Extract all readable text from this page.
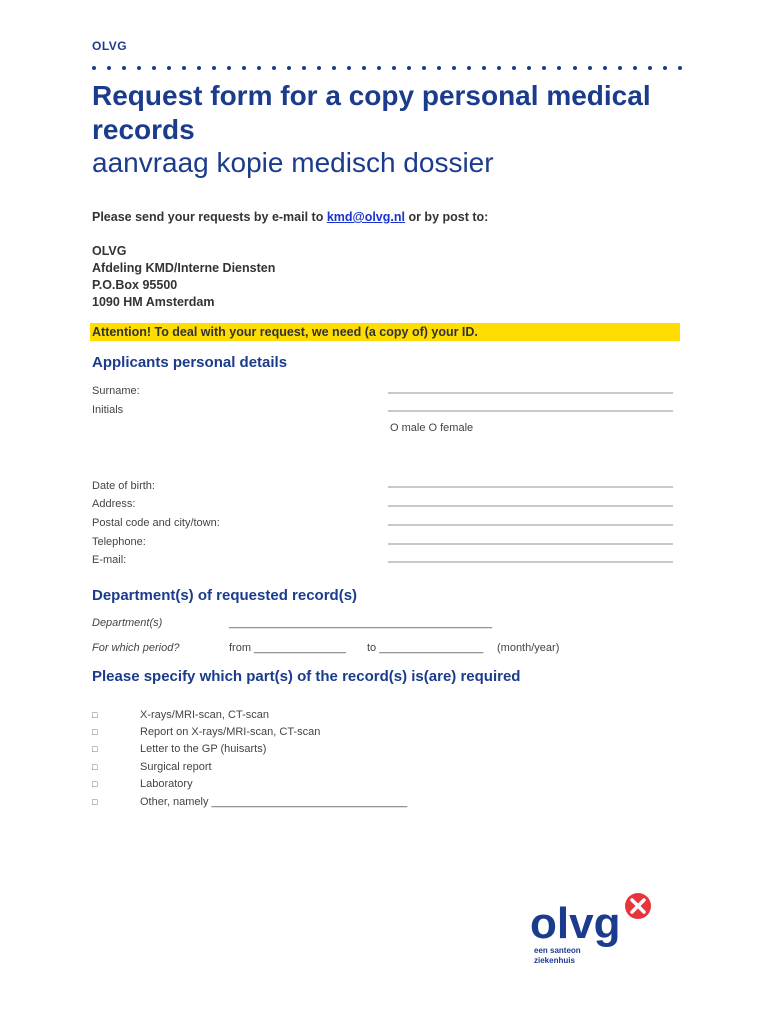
OLVG
Request form for a copy personal medical records
aanvraag kopie medisch dossier
Please send your requests by e-mail to kmd@olvg.nl or by post to:
OLVG
Afdeling KMD/Interne Diensten
P.O.Box 95500
1090 HM Amsterdam
Attention! To deal with your request, we need (a copy of) your ID.
Applicants personal details
Surname:
Initials
O male O female
Date of birth:
Address:
Postal code and city/town:
Telephone:
E-mail:
Department(s) of requested record(s)
Department(s)	___________________________________________
For which period?	from _______________ to _________________ (month/year)
Please specify which part(s) of the record(s) is(are) required
□	X-rays/MRI-scan, CT-scan
□	Report on X-rays/MRI-scan, CT-scan
□	Letter to the GP (huisarts)
□	Surgical report
□	Laboratory
□	Other, namely ________________________________
olvg
een santeon
ziekenhuis
